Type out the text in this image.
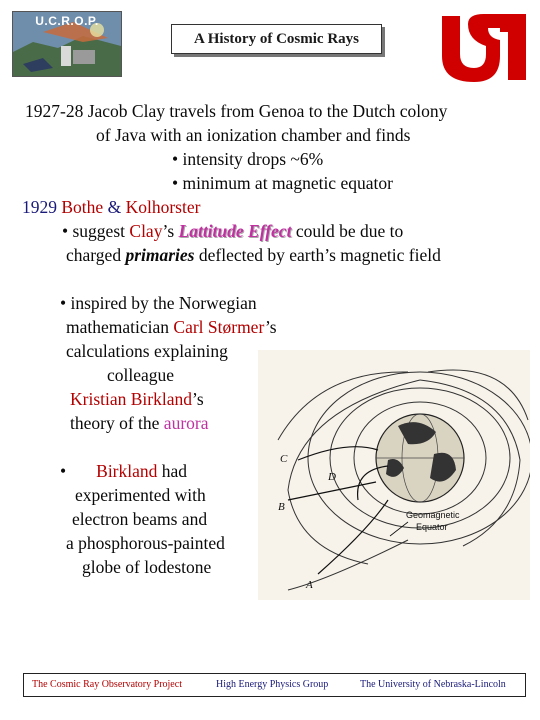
U.C.R.O.P.
A History of Cosmic Rays
1927-28 Jacob Clay travels from Genoa to the Dutch colony
of Java with an ionization chamber and finds
• intensity drops ~6%
• minimum at magnetic equator
1929 Bothe & Kolhorster
• suggest Clay’s Lattitude Effect could be due to
charged primaries deflected by earth’s magnetic field
• inspired by the Norwegian
mathematician Carl Størmer’s
calculations explaining
colleague
Kristian Birkland’s
theory of the aurora
• Birkland had
experimented with
electron beams and
a phosphorous-painted
globe of lodestone
A
B
C
D
Geomagnetic
Equator
The Cosmic Ray Observatory Project	High Energy Physics Group	The University of Nebraska-Lincoln
